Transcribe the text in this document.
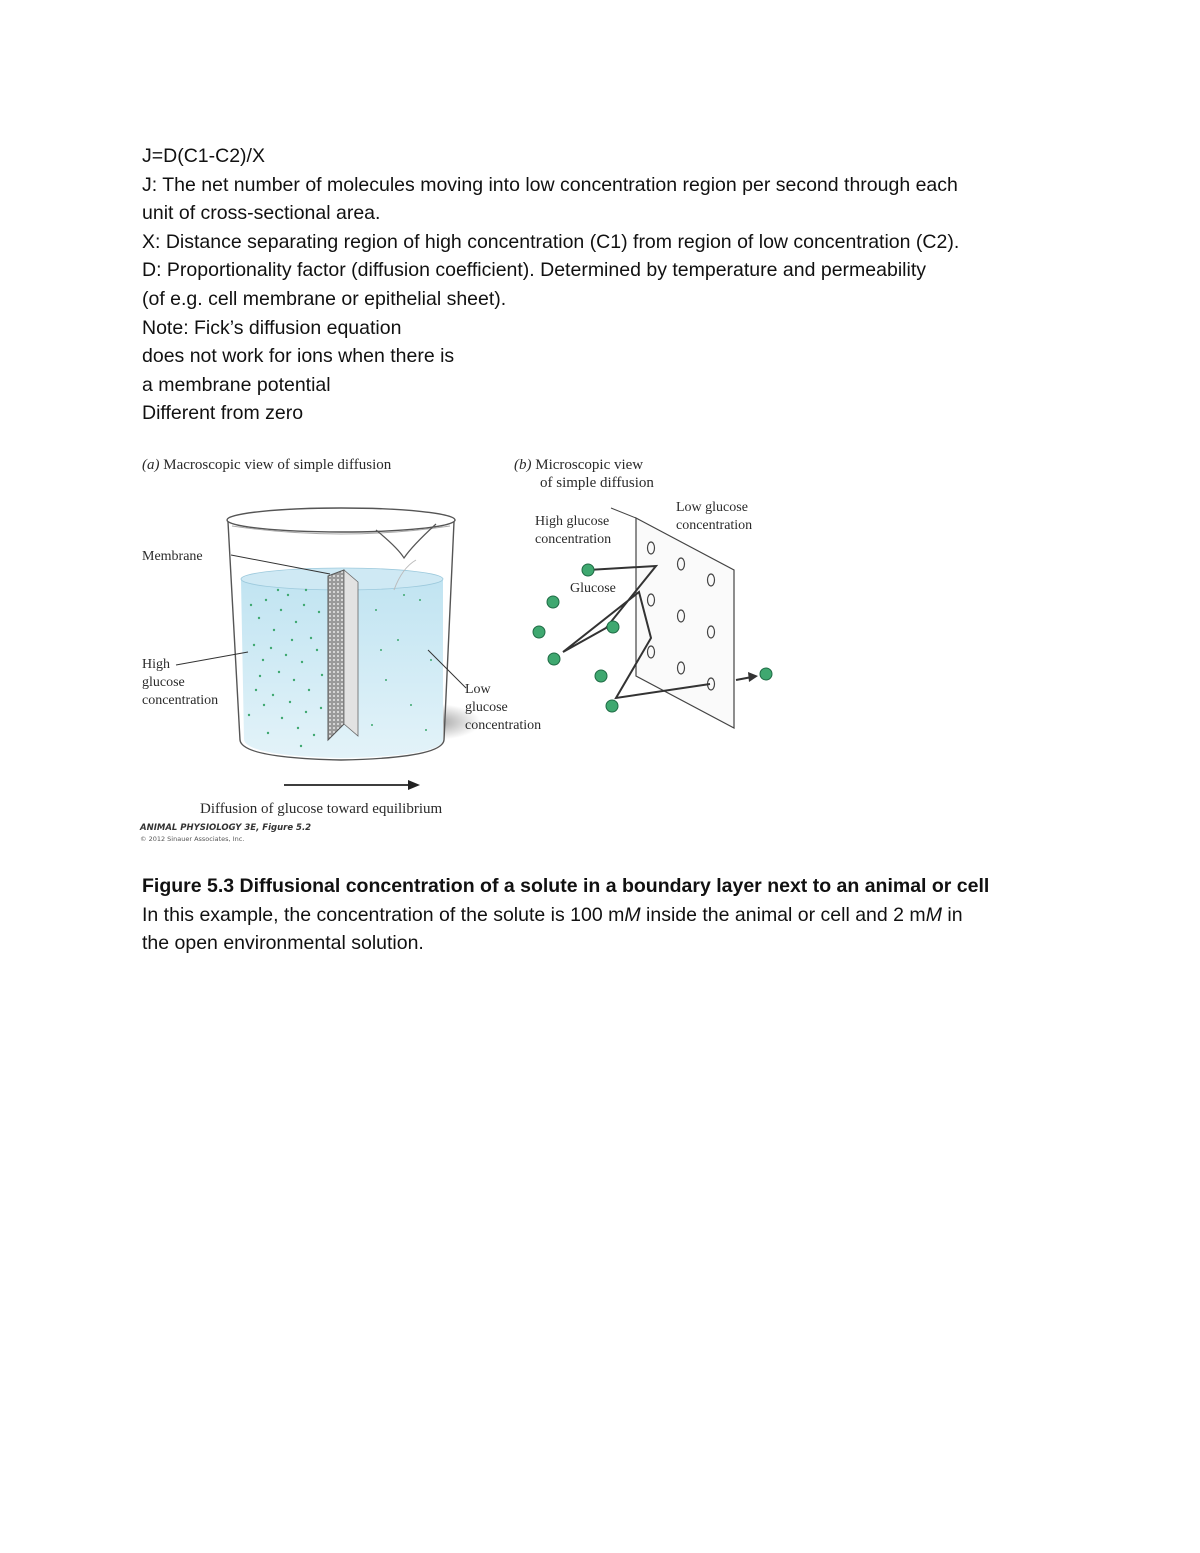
J=D(C1-C2)/X
J: The net number of molecules moving into low concentration region per second through each
unit of cross-sectional area.
X: Distance separating region of high concentration (C1) from region of low concentration (C2).
D: Proportionality factor (diffusion coefficient). Determined by temperature and permeability
(of e.g. cell membrane or epithelial sheet).
Note: Fick’s diffusion equation
does not work for ions when there is
a membrane potential
Different from zero
(a) Macroscopic view of simple diffusion
Membrane
High
glucose
concentration
Low
glucose
concentration
Diffusion of glucose toward equilibrium
ANIMAL PHYSIOLOGY 3E, Figure 5.2
© 2012 Sinauer Associates, Inc.
(b) Microscopic view
of simple diffusion
High glucose
concentration
Low glucose
concentration
Glucose
Figure 5.3 Diffusional concentration of a solute in a boundary layer next to an animal or cell
In this example, the concentration of the solute is 100 mM inside the animal or cell and 2 mM in
the open environmental solution.
